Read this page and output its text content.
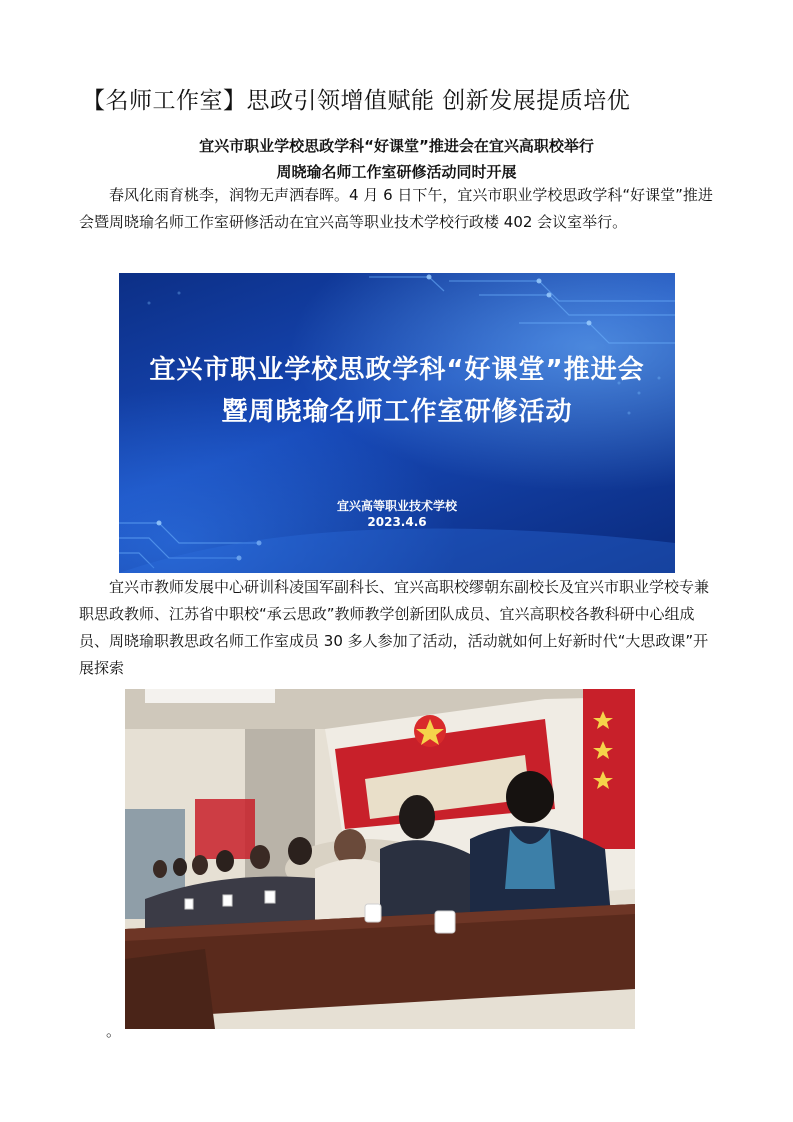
【名师工作室】思政引领增值赋能 创新发展提质培优
宜兴市职业学校思政学科“好课堂”推进会在宜兴高职校举行
周晓瑜名师工作室研修活动同时开展

春风化雨育桃李，润物无声洒春晖。4 月 6 日下午，宜兴市职业学校思政学科“好课堂”推进会暨周晓瑜名师工作室研修活动在宜兴高等职业技术学校行政楼 402 会议室举行。

宜兴市职业学校思政学科“好课堂”推进会
暨周晓瑜名师工作室研修活动
宜兴高等职业技术学校
2023.4.6

宜兴市教师发展中心研训科凌国军副科长、宜兴高职校缪朝东副校长及宜兴市职业学校专兼职思政教师、江苏省中职校“承云思政”教师教学创新团队成员、宜兴高职校各教科研中心组成员、周晓瑜职教思政名师工作室成员 30 多人参加了活动，活动就如何上好新时代“大思政课”开展探索

。
